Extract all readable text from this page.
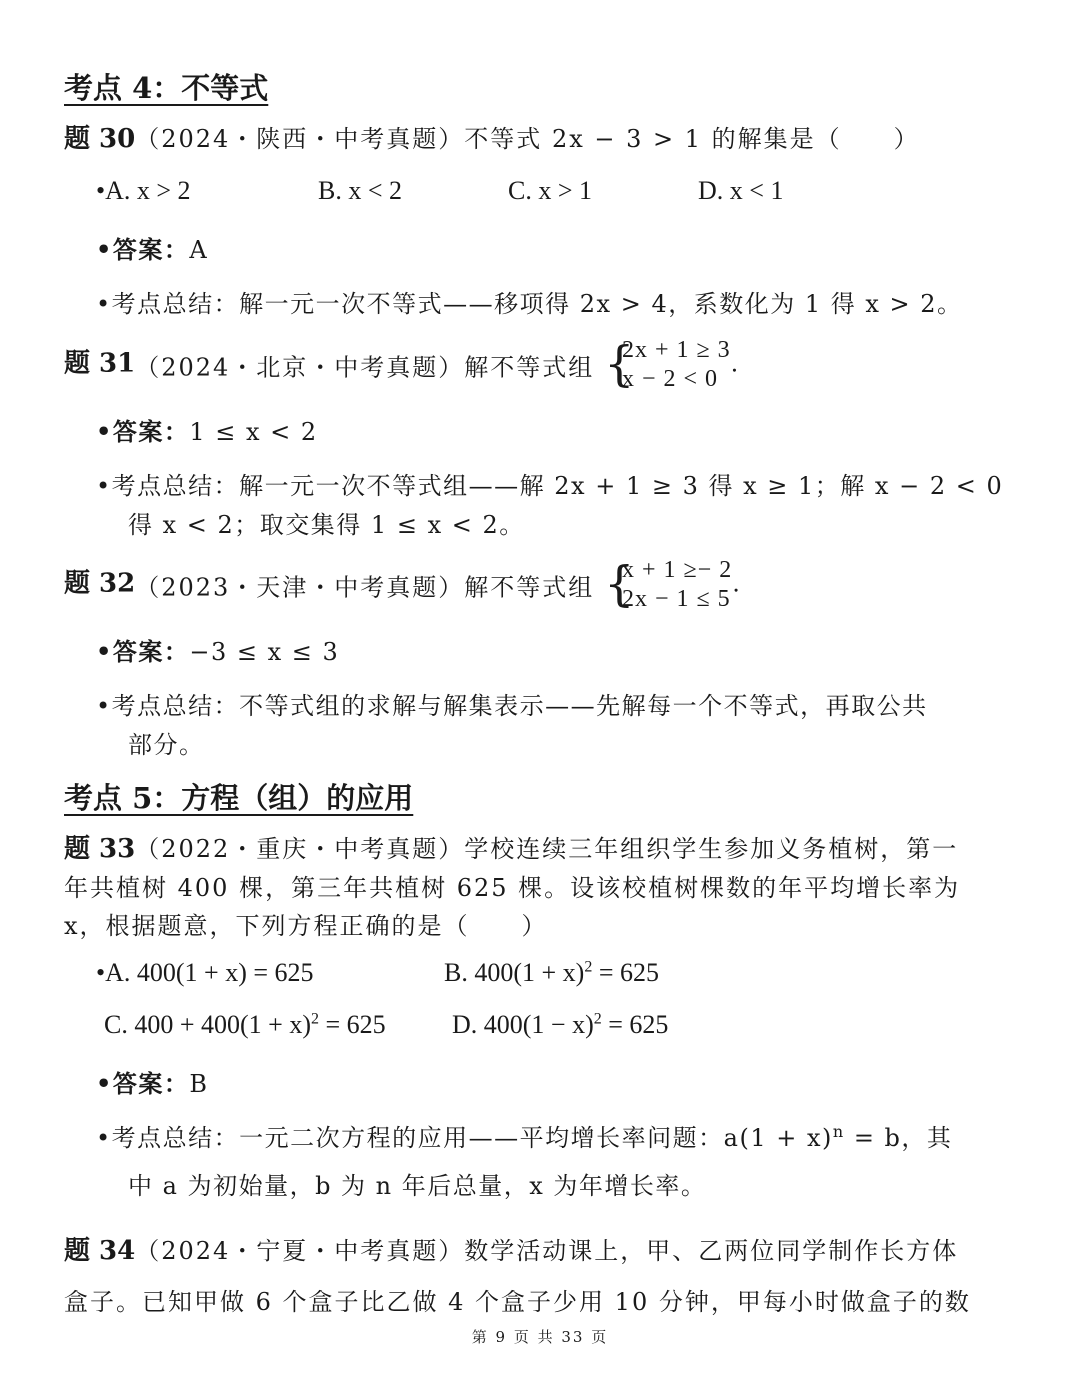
考点 4：不等式
题 30（2024・陕西・中考真题）不等式 2x − 3 > 1 的解集是（　　）
•A. x > 2	B. x < 2	C. x > 1	D. x < 1
•答案：A
•考点总结：解一元一次不等式——移项得 2x > 4，系数化为 1 得 x > 2。
题 31（2024・北京・中考真题）解不等式组 {
2x + 1 ≥ 3
x − 2 < 0.
•答案：1 ≤ x < 2
•考点总结：解一元一次不等式组——解 2x + 1 ≥ 3 得 x ≥ 1；解 x − 2 < 0
得 x < 2；取交集得 1 ≤ x < 2。
题 32（2023・天津・中考真题）解不等式组 {
x + 1 ≥− 2
2x − 1 ≤ 5.
•答案：−3 ≤ x ≤ 3
•考点总结：不等式组的求解与解集表示——先解每一个不等式，再取公共
部分。
考点 5：方程（组）的应用
题 33（2022・重庆・中考真题）学校连续三年组织学生参加义务植树，第一
年共植树 400 棵，第三年共植树 625 棵。设该校植树棵数的年平均增长率为
x，根据题意，下列方程正确的是（　　）
•A. 400(1 + x) = 625	B. $400(1 + x)^2 = 625$
C. $400 + 400(1 + x)^2 = 625$	D. $400(1 - x)^2 = 625$
•答案：B
•考点总结：一元二次方程的应用——平均增长率问题：$a(1 + x)^n = b$，其
中 a 为初始量，b 为 n 年后总量，x 为年增长率。
题 34（2024・宁夏・中考真题）数学活动课上，甲、乙两位同学制作长方体
盒子。已知甲做 6 个盒子比乙做 4 个盒子少用 10 分钟，甲每小时做盒子的数
第 9 页 共 33 页
